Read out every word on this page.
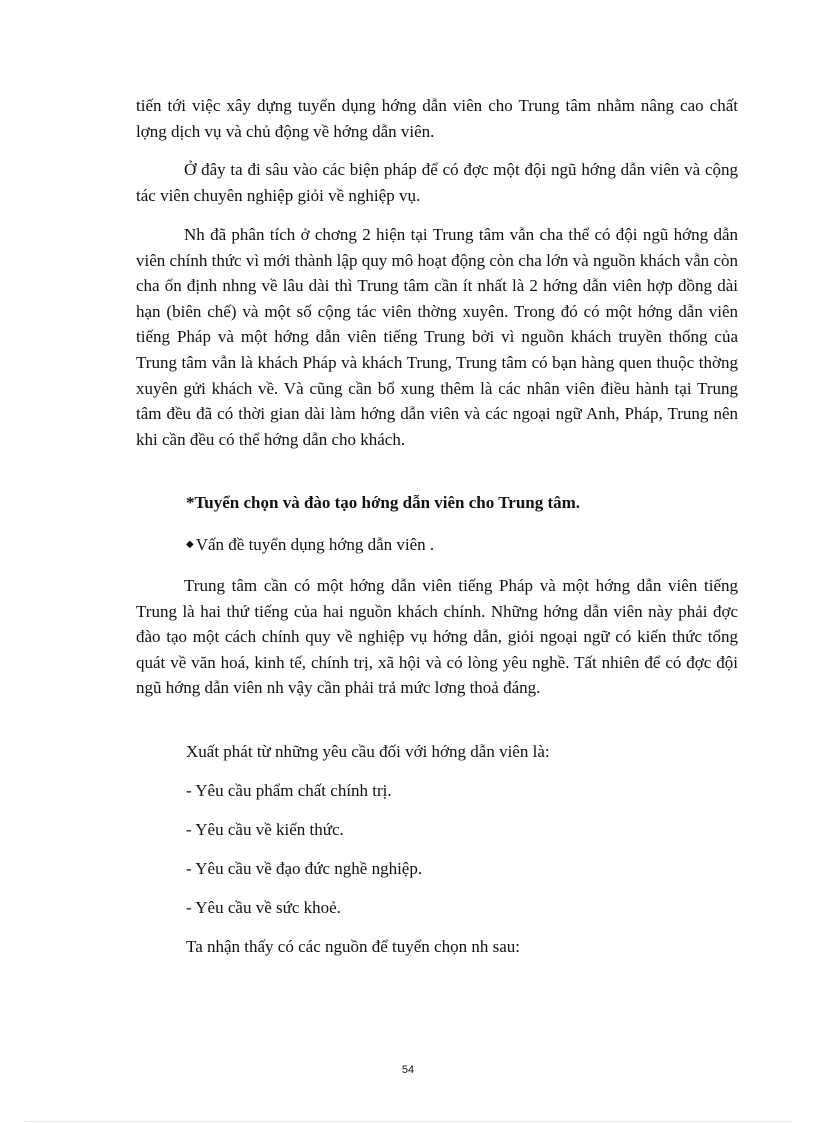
tiến tới việc xây dựng tuyển dụng hớng dẫn viên cho Trung tâm nhằm nâng cao chất lợng dịch vụ và chủ động về hớng dẫn viên.

Ở đây ta đi sâu vào các biện pháp để có đợc một đội ngũ hớng dẫn viên và cộng tác viên chuyên nghiệp giỏi về nghiệp vụ.

Nh đã phân tích ở chơng 2 hiện tại Trung tâm vẫn cha thể có đội ngũ hớng dẫn viên chính thức vì mới thành lập quy mô hoạt động còn cha lớn và nguồn khách vẫn còn cha ổn định nhng về lâu dài thì Trung tâm cần ít nhất là 2 hớng dẫn viên hợp đồng dài hạn (biên chế) và một số cộng tác viên thờng xuyên. Trong đó có một hớng dẫn viên tiếng Pháp và một hớng dẫn viên tiếng Trung bởi vì nguồn khách truyền thống của Trung tâm vẫn là khách Pháp và khách Trung, Trung tâm có bạn hàng quen thuộc thờng xuyên gửi khách về. Và cũng cần bổ xung thêm là các nhân viên điều hành tại Trung tâm đều đã có thời gian dài làm hớng dẫn viên và các ngoại ngữ Anh, Pháp, Trung nên khi cần đều có thể hớng dẫn cho khách.

*Tuyển chọn và đào tạo hớng dẫn viên cho Trung tâm.

◆ Vấn đề tuyển dụng hớng dẫn viên .

Trung tâm cần có một hớng dẫn viên tiếng Pháp và một hớng dẫn viên tiếng Trung là hai thứ tiếng của hai nguồn khách chính. Những hớng dẫn viên này phải đợc đào tạo một cách chính quy về nghiệp vụ hớng dẫn, giỏi ngoại ngữ có kiến thức tổng quát về văn hoá, kinh tế, chính trị, xã hội và có lòng yêu nghề. Tất nhiên để có đợc đội ngũ hớng dẫn viên nh vậy cần phải trả mức lơng thoả đáng.

Xuất phát từ những yêu cầu đối với hớng dẫn viên là:

- Yêu cầu phẩm chất chính trị.

- Yêu cầu về kiến thức.

- Yêu cầu về đạo đức nghề nghiệp.

- Yêu cầu về sức khoẻ.

Ta nhận thấy có các nguồn để tuyển chọn nh sau:

54
